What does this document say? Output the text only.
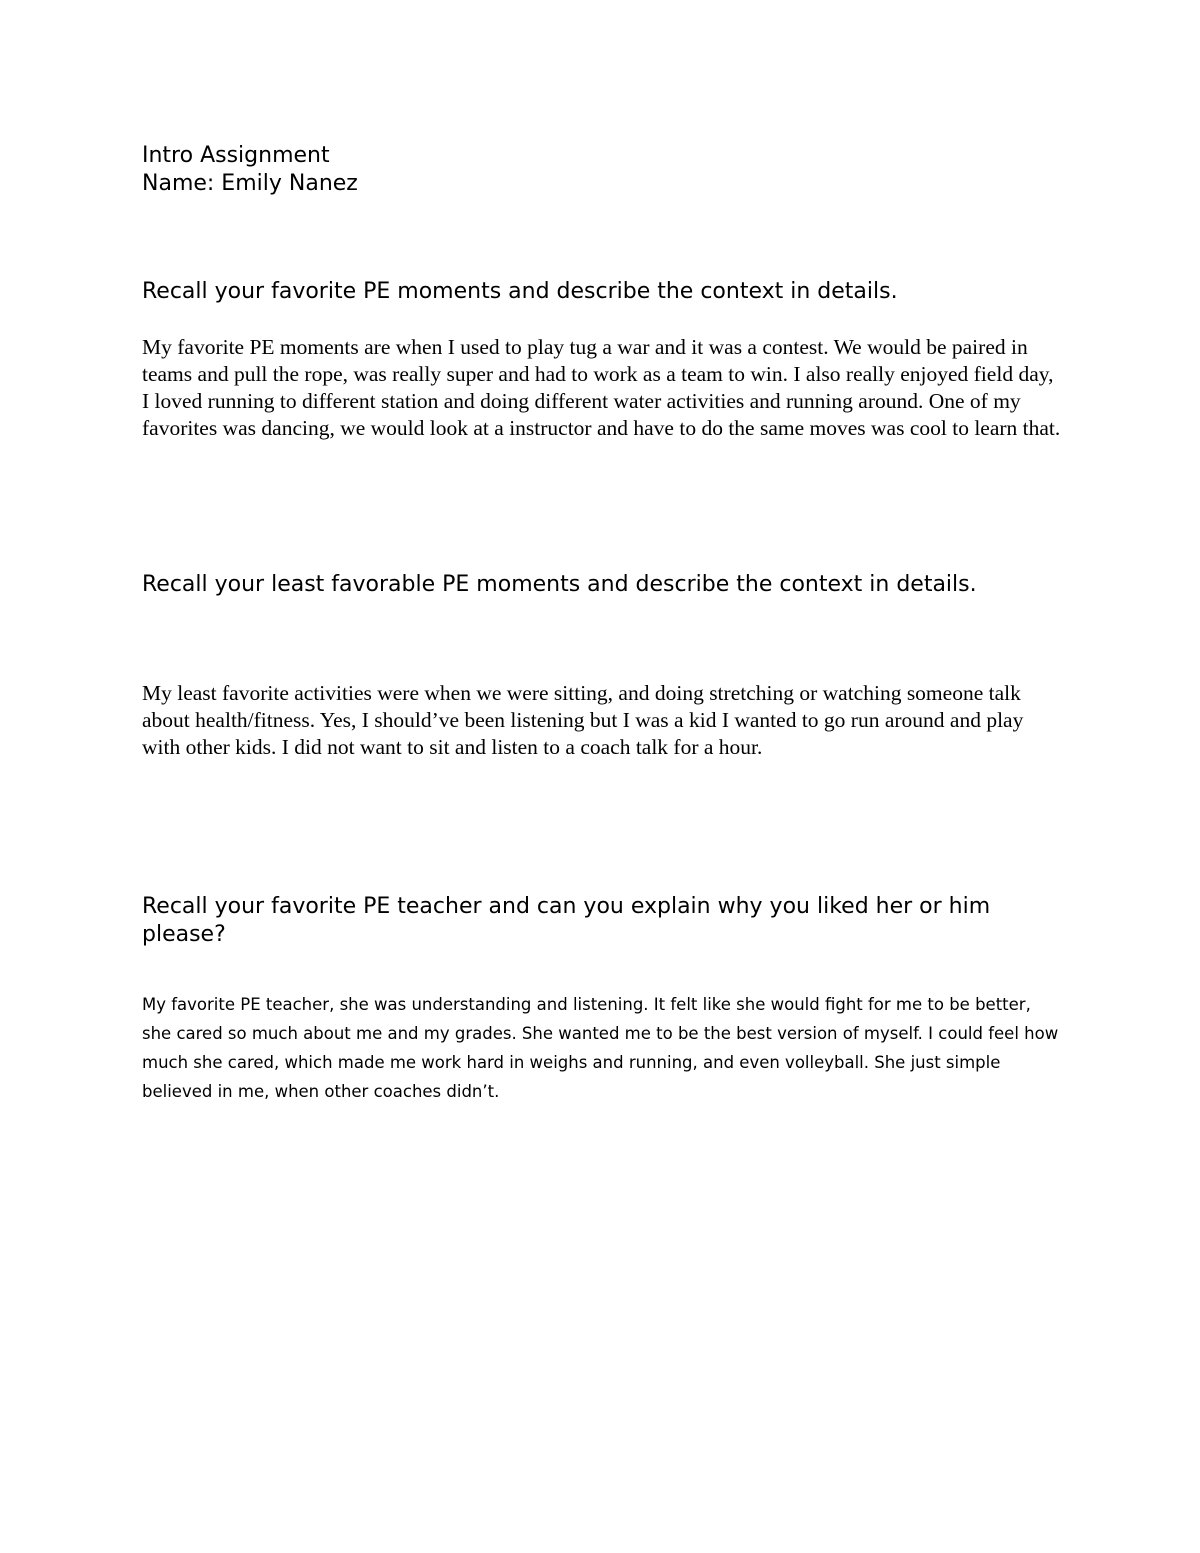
Intro Assignment

Name: Emily Nanez

Recall your favorite PE moments and describe the context in details.

My favorite PE moments are when I used to play tug a war and it was a contest. We would be paired in teams and pull the rope, was really super and had to work as a team to win. I also really enjoyed field day, I loved running to different station and doing different water activities and running around. One of my favorites was dancing, we would look at a instructor and have to do the same moves was cool to learn that.

Recall your least favorable PE moments and describe the context in details.

My least favorite activities were when we were sitting, and doing stretching or watching someone talk about health/fitness. Yes, I should’ve been listening but I was a kid I wanted to go run around and play with other kids. I did not want to sit and listen to a coach talk for a hour.

Recall your favorite PE teacher and can you explain why you liked her or him please?

My favorite PE teacher, she was understanding and listening. It felt like she would fight for me to be better, she cared so much about me and my grades. She wanted me to be the best version of myself. I could feel how much she cared, which made me work hard in weighs and running, and even volleyball. She just simple believed in me, when other coaches didn’t.
